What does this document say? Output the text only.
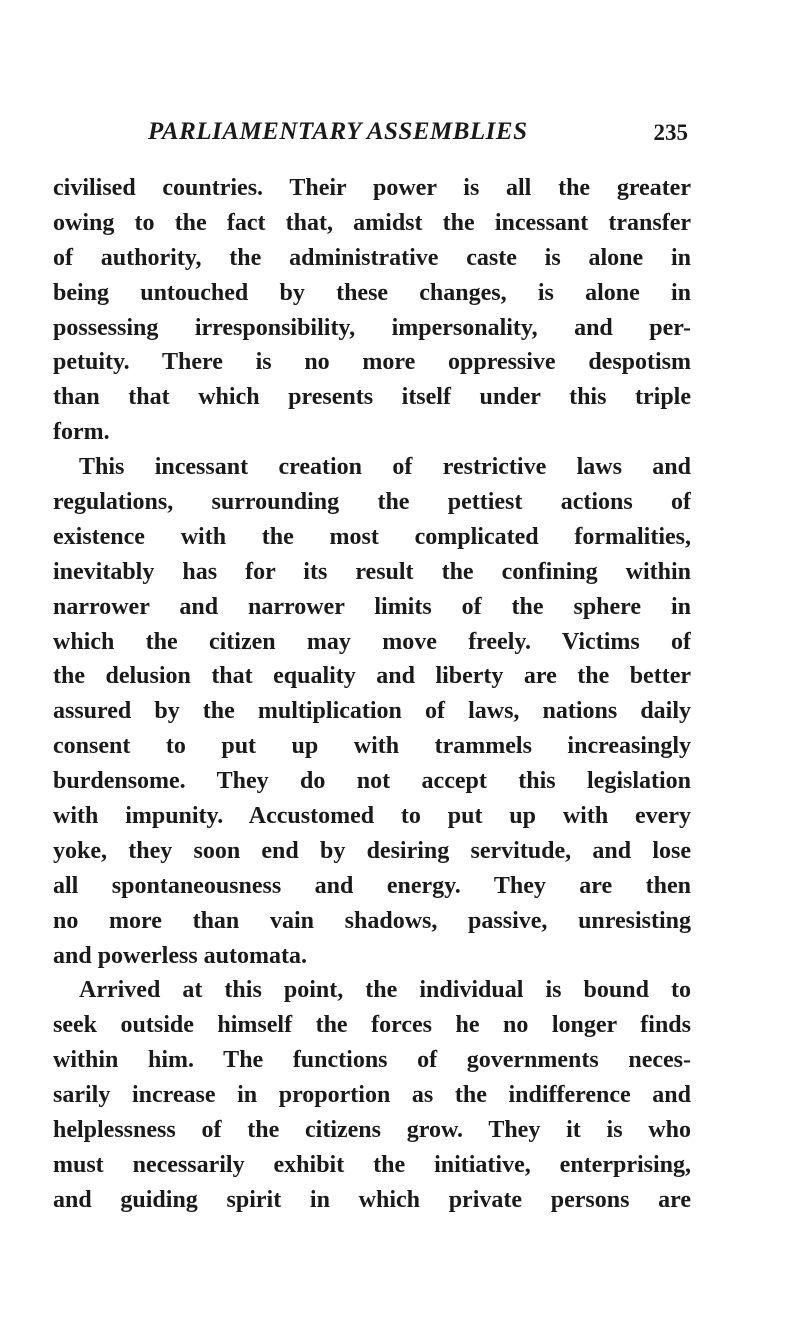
PARLIAMENTARY ASSEMBLIES	235
civilised countries. Their power is all the greater
owing to the fact that, amidst the incessant transfer
of authority, the administrative caste is alone in
being untouched by these changes, is alone in
possessing irresponsibility, impersonality, and per-
petuity. There is no more oppressive despotism
than that which presents itself under this triple
form.
This incessant creation of restrictive laws and
regulations, surrounding the pettiest actions of
existence with the most complicated formalities,
inevitably has for its result the confining within
narrower and narrower limits of the sphere in
which the citizen may move freely. Victims of
the delusion that equality and liberty are the better
assured by the multiplication of laws, nations daily
consent to put up with trammels increasingly
burdensome. They do not accept this legislation
with impunity. Accustomed to put up with every
yoke, they soon end by desiring servitude, and lose
all spontaneousness and energy. They are then
no more than vain shadows, passive, unresisting
and powerless automata.
Arrived at this point, the individual is bound to
seek outside himself the forces he no longer finds
within him. The functions of governments neces-
sarily increase in proportion as the indifference and
helplessness of the citizens grow. They it is who
must necessarily exhibit the initiative, enterprising,
and guiding spirit in which private persons are
